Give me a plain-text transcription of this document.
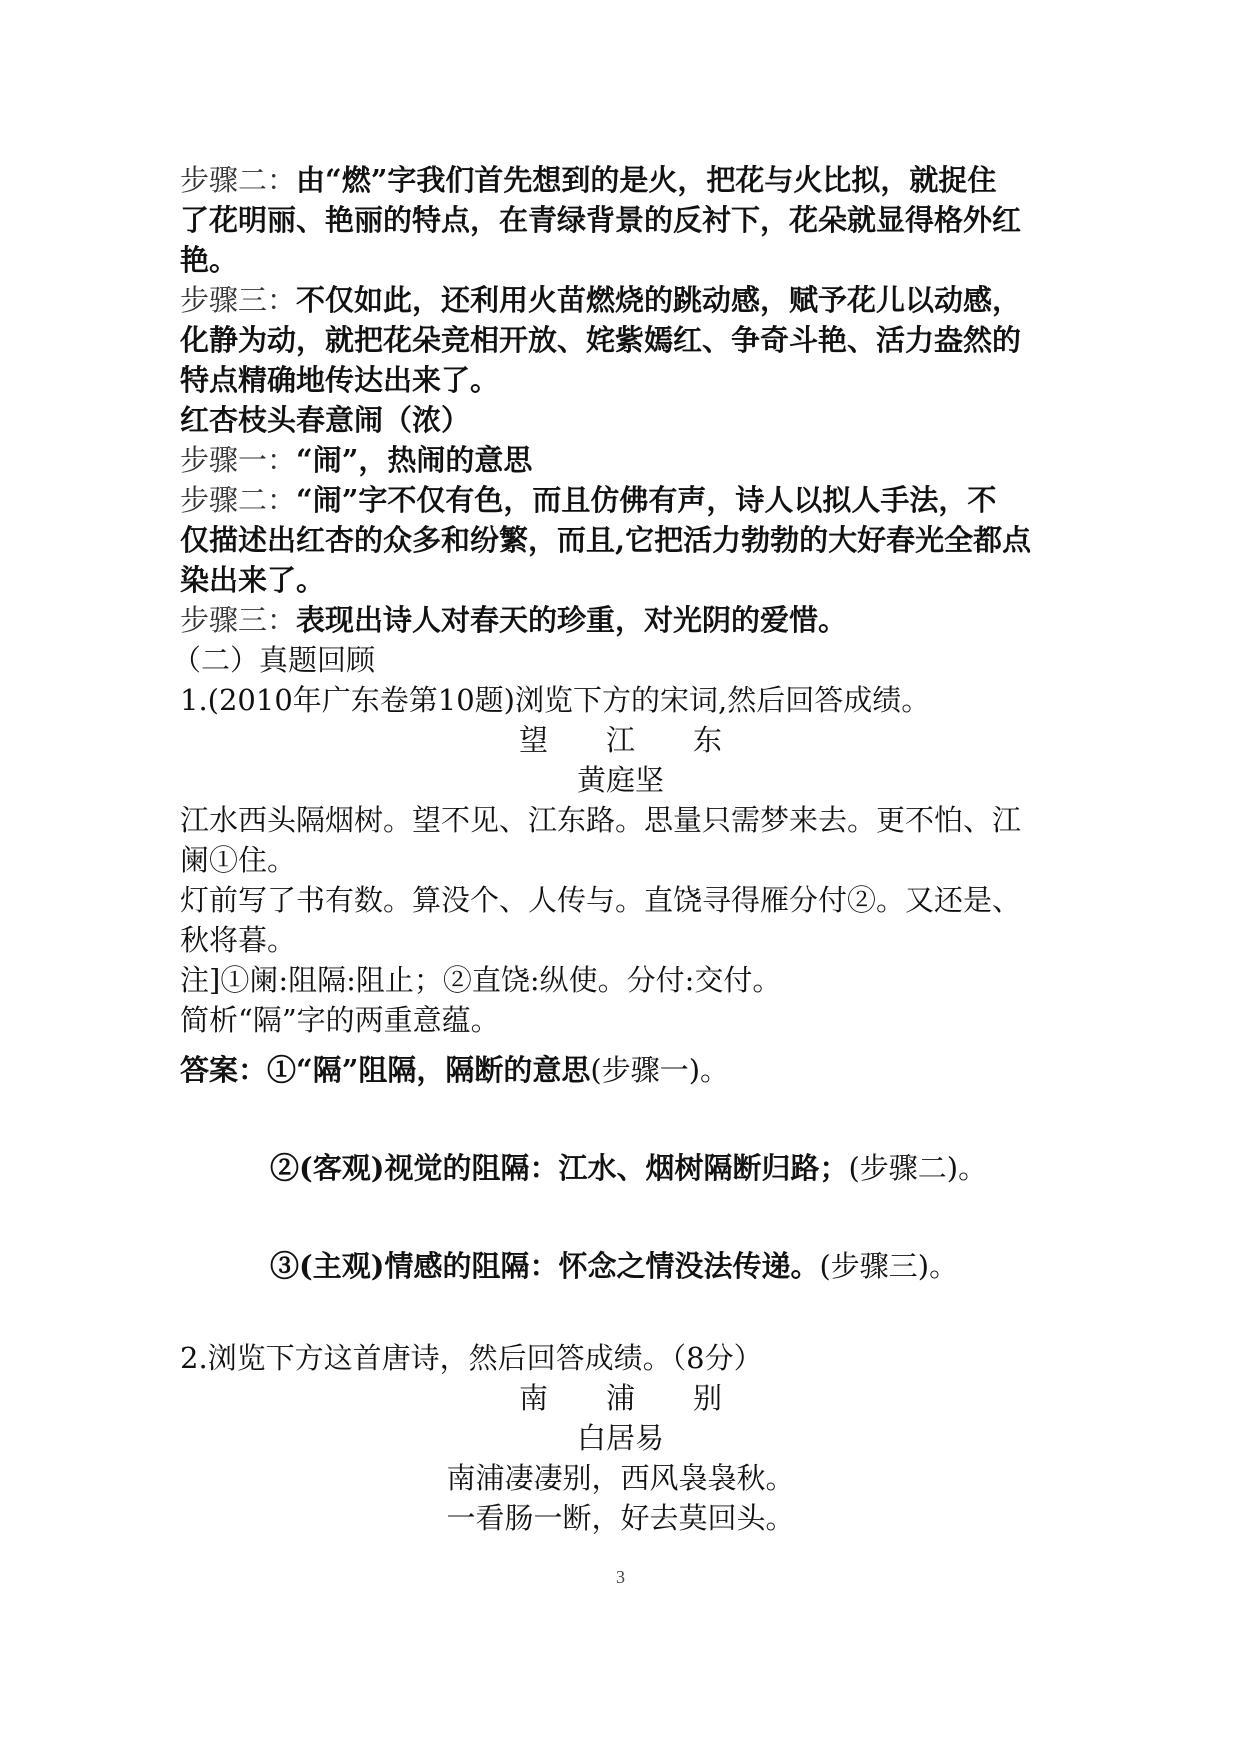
步骤二：由“燃”字我们首先想到的是火，把花与火比拟，就捉住
了花明丽、艳丽的特点，在青绿背景的反衬下，花朵就显得格外红
艳。
步骤三：不仅如此，还利用火苗燃烧的跳动感，赋予花儿以动感，
化静为动，就把花朵竞相开放、姹紫嫣红、争奇斗艳、活力盎然的
特点精确地传达出来了。
红杏枝头春意闹（浓）
步骤一：“闹”，热闹的意思
步骤二：“闹”字不仅有色，而且仿佛有声，诗人以拟人手法，不
仅描述出红杏的众多和纷繁，而且,它把活力勃勃的大好春光全都点
染出来了。
步骤三：表现出诗人对春天的珍重，对光阴的爱惜。
（二）真题回顾
1.(2010年广东卷第10题)浏览下方的宋词,然后回答成绩。
望　　江　　东
黄庭坚
江水西头隔烟树。望不见、江东路。思量只需梦来去。更不怕、江
阑①住。
灯前写了书有数。算没个、人传与。直饶寻得雁分付②。又还是、
秋将暮。
注]①阑:阻隔:阻止；②直饶:纵使。分付:交付。
简析“隔”字的两重意蕴。
答案：①“隔”阻隔，隔断的意思(步骤一)。
②(客观)视觉的阻隔：江水、烟树隔断归路；(步骤二)。
③(主观)情感的阻隔：怀念之情没法传递。(步骤三)。
2.浏览下方这首唐诗，然后回答成绩。（8分）
南　　浦　　别
白居易
南浦凄凄别，西风袅袅秋。
一看肠一断，好去莫回头。
3
